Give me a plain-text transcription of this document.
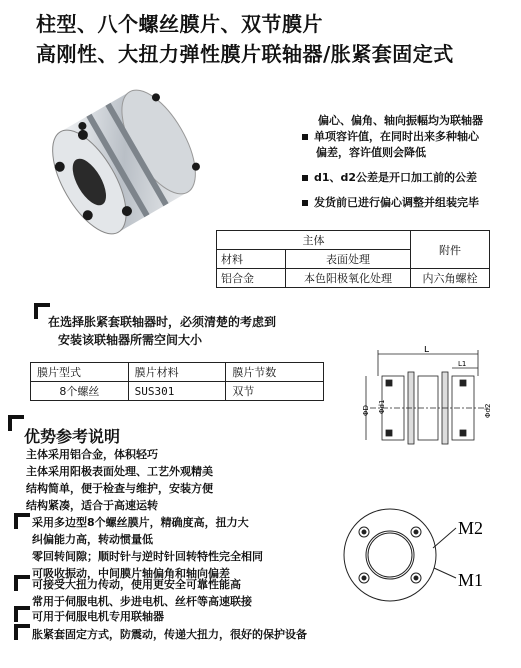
柱型、八个螺丝膜片、双节膜片
高刚性、大扭力弹性膜片联轴器/胀紧套固定式
偏心、偏角、轴向振幅均为联轴器
单项容许值，在同时出来多种轴心
偏差，容许值则会降低
d1、d2公差是开口加工前的公差
发货前已进行偏心调整并组装完毕
主体		附件
材料	表面处理	
铝合金	本色阳极氧化处理	内六角螺栓
在选择胀紧套联轴器时，必须清楚的考虑到
安装该联轴器所需空间大小
膜片型式	膜片材料	膜片节数
8个螺丝	SUS301	双节
L
L1
ΦD Φd1	Φd2
M2
M1
优势参考说明
主体采用铝合金，体积轻巧
主体采用阳极表面处理、工艺外观精美
结构简单，便于检查与维护，安装方便
结构紧凑，适合于高速运转
采用多边型8个螺丝膜片，精确度高，扭力大
纠偏能力高，转动惯量低
零回转间隙；顺时针与逆时针回转特性完全相同
可吸收振动，中间膜片轴偏角和轴向偏差
可接受大扭力传动，使用更安全可靠性能高
常用于伺服电机、步进电机、丝杆等高速联接
可用于伺服电机专用联轴器
胀紧套固定方式，防震动，传递大扭力，很好的保护设备
